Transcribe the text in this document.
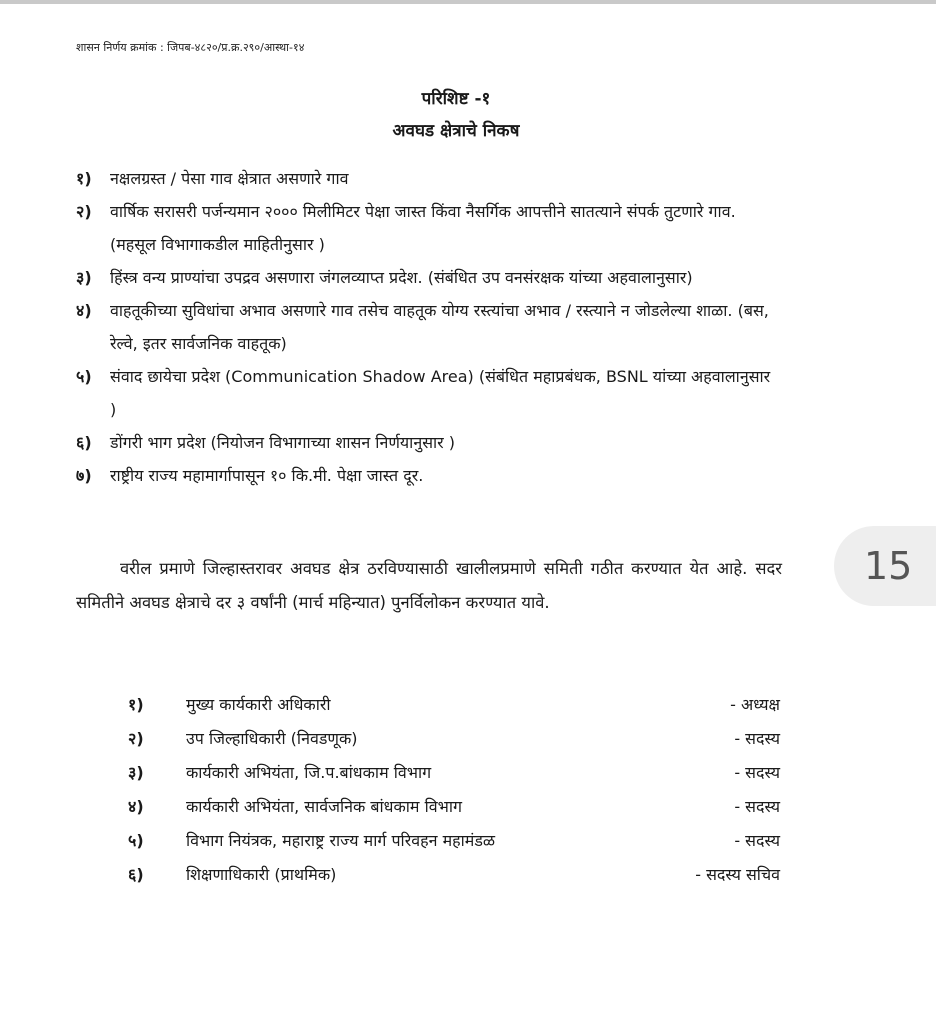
शासन निर्णय क्रमांक : जिपब-४८२०/प्र.क्र.२९०/आस्था-१४
परिशिष्ट -१
अवघड क्षेत्राचे निकष
१)	नक्षलग्रस्त / पेसा गाव क्षेत्रात असणारे गाव
२)	वार्षिक सरासरी पर्जन्यमान २००० मिलीमिटर पेक्षा जास्त किंवा नैसर्गिक आपत्तीने सातत्याने संपर्क तुटणारे गाव. (महसूल विभागाकडील माहितीनुसार )
३)	हिंस्त्र वन्य प्राण्यांचा उपद्रव असणारा जंगलव्याप्त प्रदेश. (संबंधित उप वनसंरक्षक यांच्या अहवालानुसार)
४)	वाहतूकीच्या सुविधांचा अभाव असणारे गाव तसेच वाहतूक योग्य रस्त्यांचा अभाव / रस्त्याने न जोडलेल्या शाळा. (बस, रेल्वे, इतर सार्वजनिक वाहतूक)
५)	संवाद छायेचा प्रदेश (Communication Shadow Area) (संबंधित महाप्रबंधक, BSNL यांच्या अहवालानुसार )
६)	डोंगरी भाग प्रदेश (नियोजन विभागाच्या शासन निर्णयानुसार )
७)	राष्ट्रीय राज्य महामार्गापासून १० कि.मी. पेक्षा जास्त दूर.
वरील प्रमाणे जिल्हास्तरावर अवघड क्षेत्र ठरविण्यासाठी खालीलप्रमाणे समिती गठीत करण्यात येत आहे. सदर समितीने अवघड क्षेत्राचे दर ३ वर्षांनी (मार्च महिन्यात) पुनर्विलोकन करण्यात यावे.
१)	मुख्य कार्यकारी अधिकारी	- अध्यक्ष
२)	उप जिल्हाधिकारी (निवडणूक)	- सदस्य
३)	कार्यकारी अभियंता, जि.प.बांधकाम विभाग	- सदस्य
४)	कार्यकारी अभियंता, सार्वजनिक बांधकाम विभाग	- सदस्य
५)	विभाग नियंत्रक, महाराष्ट्र राज्य मार्ग परिवहन महामंडळ	- सदस्य
६)	शिक्षणाधिकारी (प्राथमिक)	- सदस्य सचिव
15
